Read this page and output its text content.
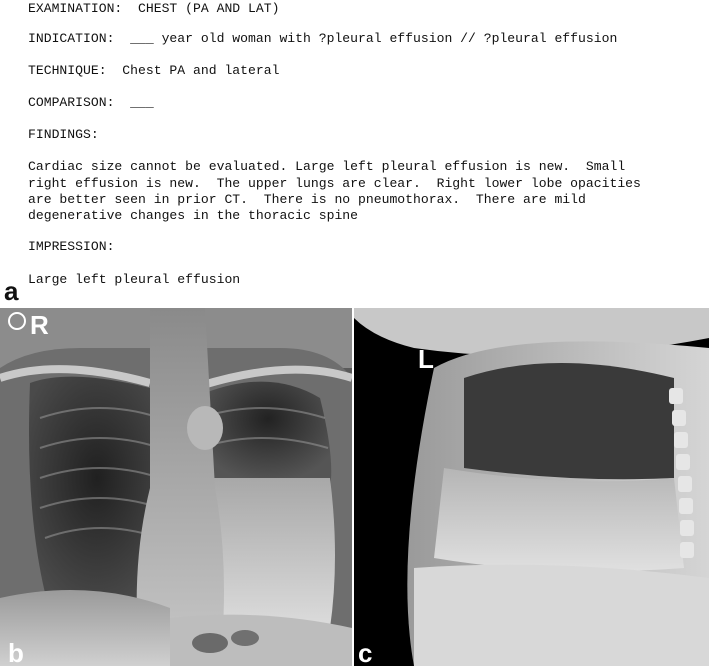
EXAMINATION:  CHEST (PA AND LAT)
INDICATION:  ___ year old woman with ?pleural effusion // ?pleural effusion
TECHNIQUE:  Chest PA and lateral
COMPARISON:  ___
FINDINGS:
Cardiac size cannot be evaluated. Large left pleural effusion is new.  Small
right effusion is new.  The upper lungs are clear.  Right lower lobe opacities
are better seen in prior CT.  There is no pneumothorax.  There are mild
degenerative changes in the thoracic spine
IMPRESSION:
Large left pleural effusion
a
R
b
L
c
